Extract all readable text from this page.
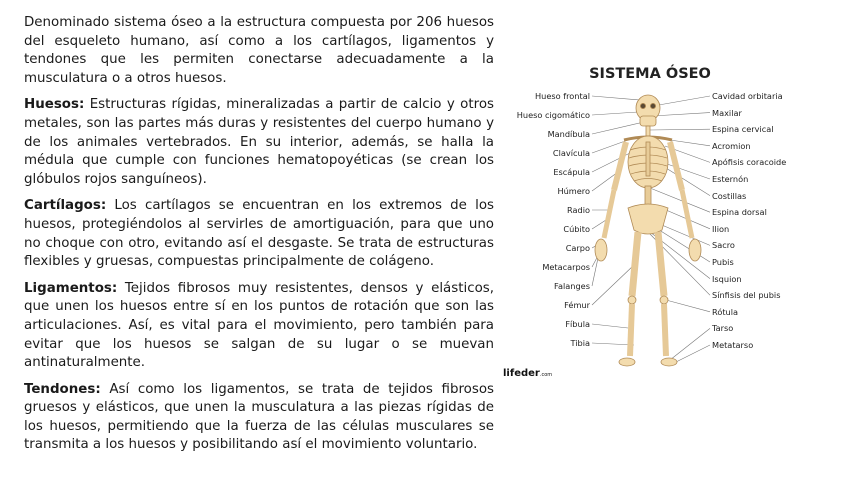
Denominado sistema óseo a la estructura compuesta por 206 huesos del esqueleto humano, así como a los cartílagos, ligamentos y tendones que les permiten conectarse adecuadamente a la musculatura o a otros huesos.

Huesos: Estructuras rígidas, mineralizadas a partir de calcio y otros metales, son las partes más duras y resistentes del cuerpo humano y de los animales vertebrados. En su interior, además, se halla la médula que cumple con funciones hematopoyéticas (se crean los glóbulos rojos sanguíneos).

Cartílagos: Los cartílagos se encuentran en los extremos de los huesos, protegiéndolos al servirles de amortiguación, para que uno no choque con otro, evitando así el desgaste. Se trata de estructuras flexibles y gruesas, compuestas principalmente de colágeno.

Ligamentos: Tejidos fibrosos muy resistentes, densos y elásticos, que unen los huesos entre sí en los puntos de rotación que son las articulaciones. Así, es vital para el movimiento, pero también para evitar que los huesos se salgan de su lugar o se muevan antinaturalmente.

Tendones: Así como los ligamentos, se trata de tejidos fibrosos gruesos y elásticos, que unen la musculatura a las piezas rígidas de los huesos, permitiendo que la fuerza de las células musculares se transmita a los huesos y posibilitando así el movimiento voluntario.

SISTEMA ÓSEO
Hueso frontal
Hueso cigomático
Mandíbula
Clavícula
Escápula
Húmero
Radio
Cúbito
Carpo
Metacarpos
Falanges
Fémur
Fíbula
Tibia
Cavidad orbitaria
Maxilar
Espina cervical
Acromion
Apófisis coracoide
Esternón
Costillas
Espina dorsal
Ilion
Sacro
Pubis
Isquion
Sínfisis del pubis
Rótula
Tarso
Metatarso
lifeder.com
